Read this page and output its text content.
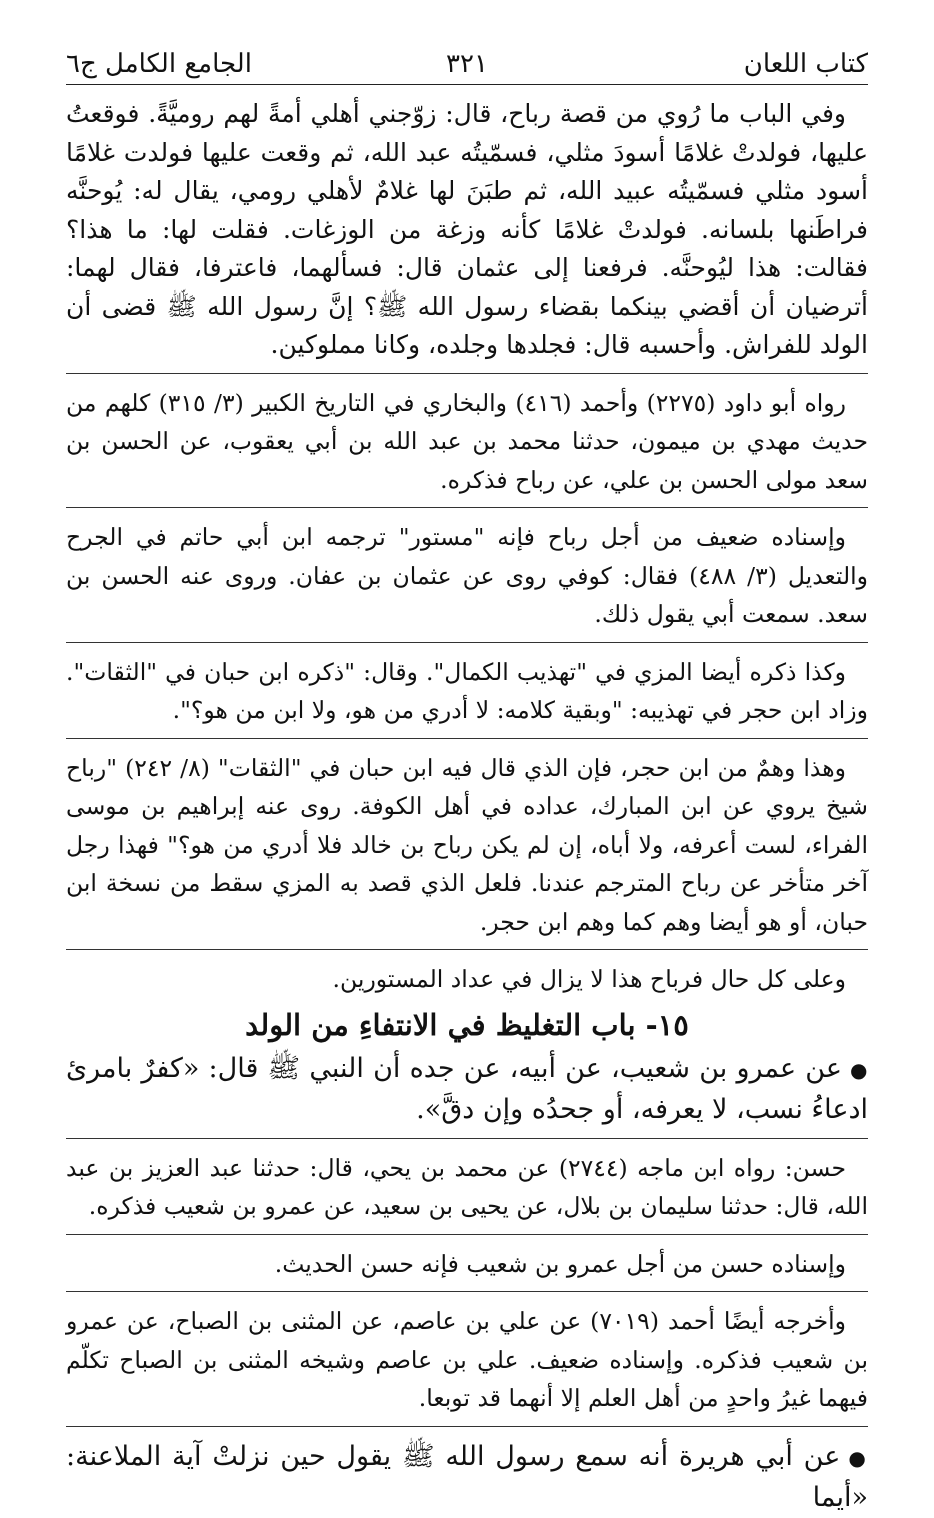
كتاب اللعان
٣٢١
الجامع الكامل ج٦

وفي الباب ما رُوي من قصة رباح، قال: زوّجني أهلي أمةً لهم روميَّةً. فوقعتُ عليها، فولدتْ غلامًا أسودَ مثلي، فسمّيتُه عبد الله، ثم وقعت عليها فولدت غلامًا أسود مثلي فسمّيتُه عبيد الله، ثم طبَنَ لها غلامٌ لأهلي رومي، يقال له: يُوحنَّه فراطَنها بلسانه. فولدتْ غلامًا كأنه وزغة من الوزغات. فقلت لها: ما هذا؟ فقالت: هذا ليُوحنَّه. فرفعنا إلى عثمان قال: فسألهما، فاعترفا، فقال لهما: أترضيان أن أقضي بينكما بقضاء رسول الله ﷺ؟ إنَّ رسول الله ﷺ قضى أن الولد للفراش. وأحسبه قال: فجلدها وجلده، وكانا مملوكين.

رواه أبو داود (٢٢٧٥) وأحمد (٤١٦) والبخاري في التاريخ الكبير (٣/ ٣١٥) كلهم من حديث مهدي بن ميمون، حدثنا محمد بن عبد الله بن أبي يعقوب، عن الحسن بن سعد مولى الحسن بن علي، عن رباح فذكره.

وإسناده ضعيف من أجل رباح فإنه "مستور" ترجمه ابن أبي حاتم في الجرح والتعديل (٣/ ٤٨٨) فقال: كوفي روى عن عثمان بن عفان. وروى عنه الحسن بن سعد. سمعت أبي يقول ذلك.

وكذا ذكره أيضا المزي في "تهذيب الكمال". وقال: "ذكره ابن حبان في "الثقات". وزاد ابن حجر في تهذيبه: "وبقية كلامه: لا أدري من هو، ولا ابن من هو؟".

وهذا وهمٌ من ابن حجر، فإن الذي قال فيه ابن حبان في "الثقات" (٨/ ٢٤٢) "رباح شيخ يروي عن ابن المبارك، عداده في أهل الكوفة. روى عنه إبراهيم بن موسى الفراء، لست أعرفه، ولا أباه، إن لم يكن رباح بن خالد فلا أدري من هو؟" فهذا رجل آخر متأخر عن رباح المترجم عندنا. فلعل الذي قصد به المزي سقط من نسخة ابن حبان، أو هو أيضا وهم كما وهم ابن حجر.

وعلى كل حال فرباح هذا لا يزال في عداد المستورين.

١٥- باب التغليظ في الانتفاءِ من الولد

●عن عمرو بن شعيب، عن أبيه، عن جده أن النبي ﷺ قال: «كفرٌ بامرئ ادعاءُ نسب، لا يعرفه، أو جحدُه وإن دقَّ».

حسن: رواه ابن ماجه (٢٧٤٤) عن محمد بن يحي، قال: حدثنا عبد العزيز بن عبد الله، قال: حدثنا سليمان بن بلال، عن يحيى بن سعيد، عن عمرو بن شعيب فذكره.

وإسناده حسن من أجل عمرو بن شعيب فإنه حسن الحديث.

وأخرجه أيضًا أحمد (٧٠١٩) عن علي بن عاصم، عن المثنى بن الصباح، عن عمرو بن شعيب فذكره. وإسناده ضعيف. علي بن عاصم وشيخه المثنى بن الصباح تكلّم فيهما غيرُ واحدٍ من أهل العلم إلا أنهما قد توبعا.

●عن أبي هريرة أنه سمع رسول الله ﷺ يقول حين نزلتْ آية الملاعنة: «أيما
